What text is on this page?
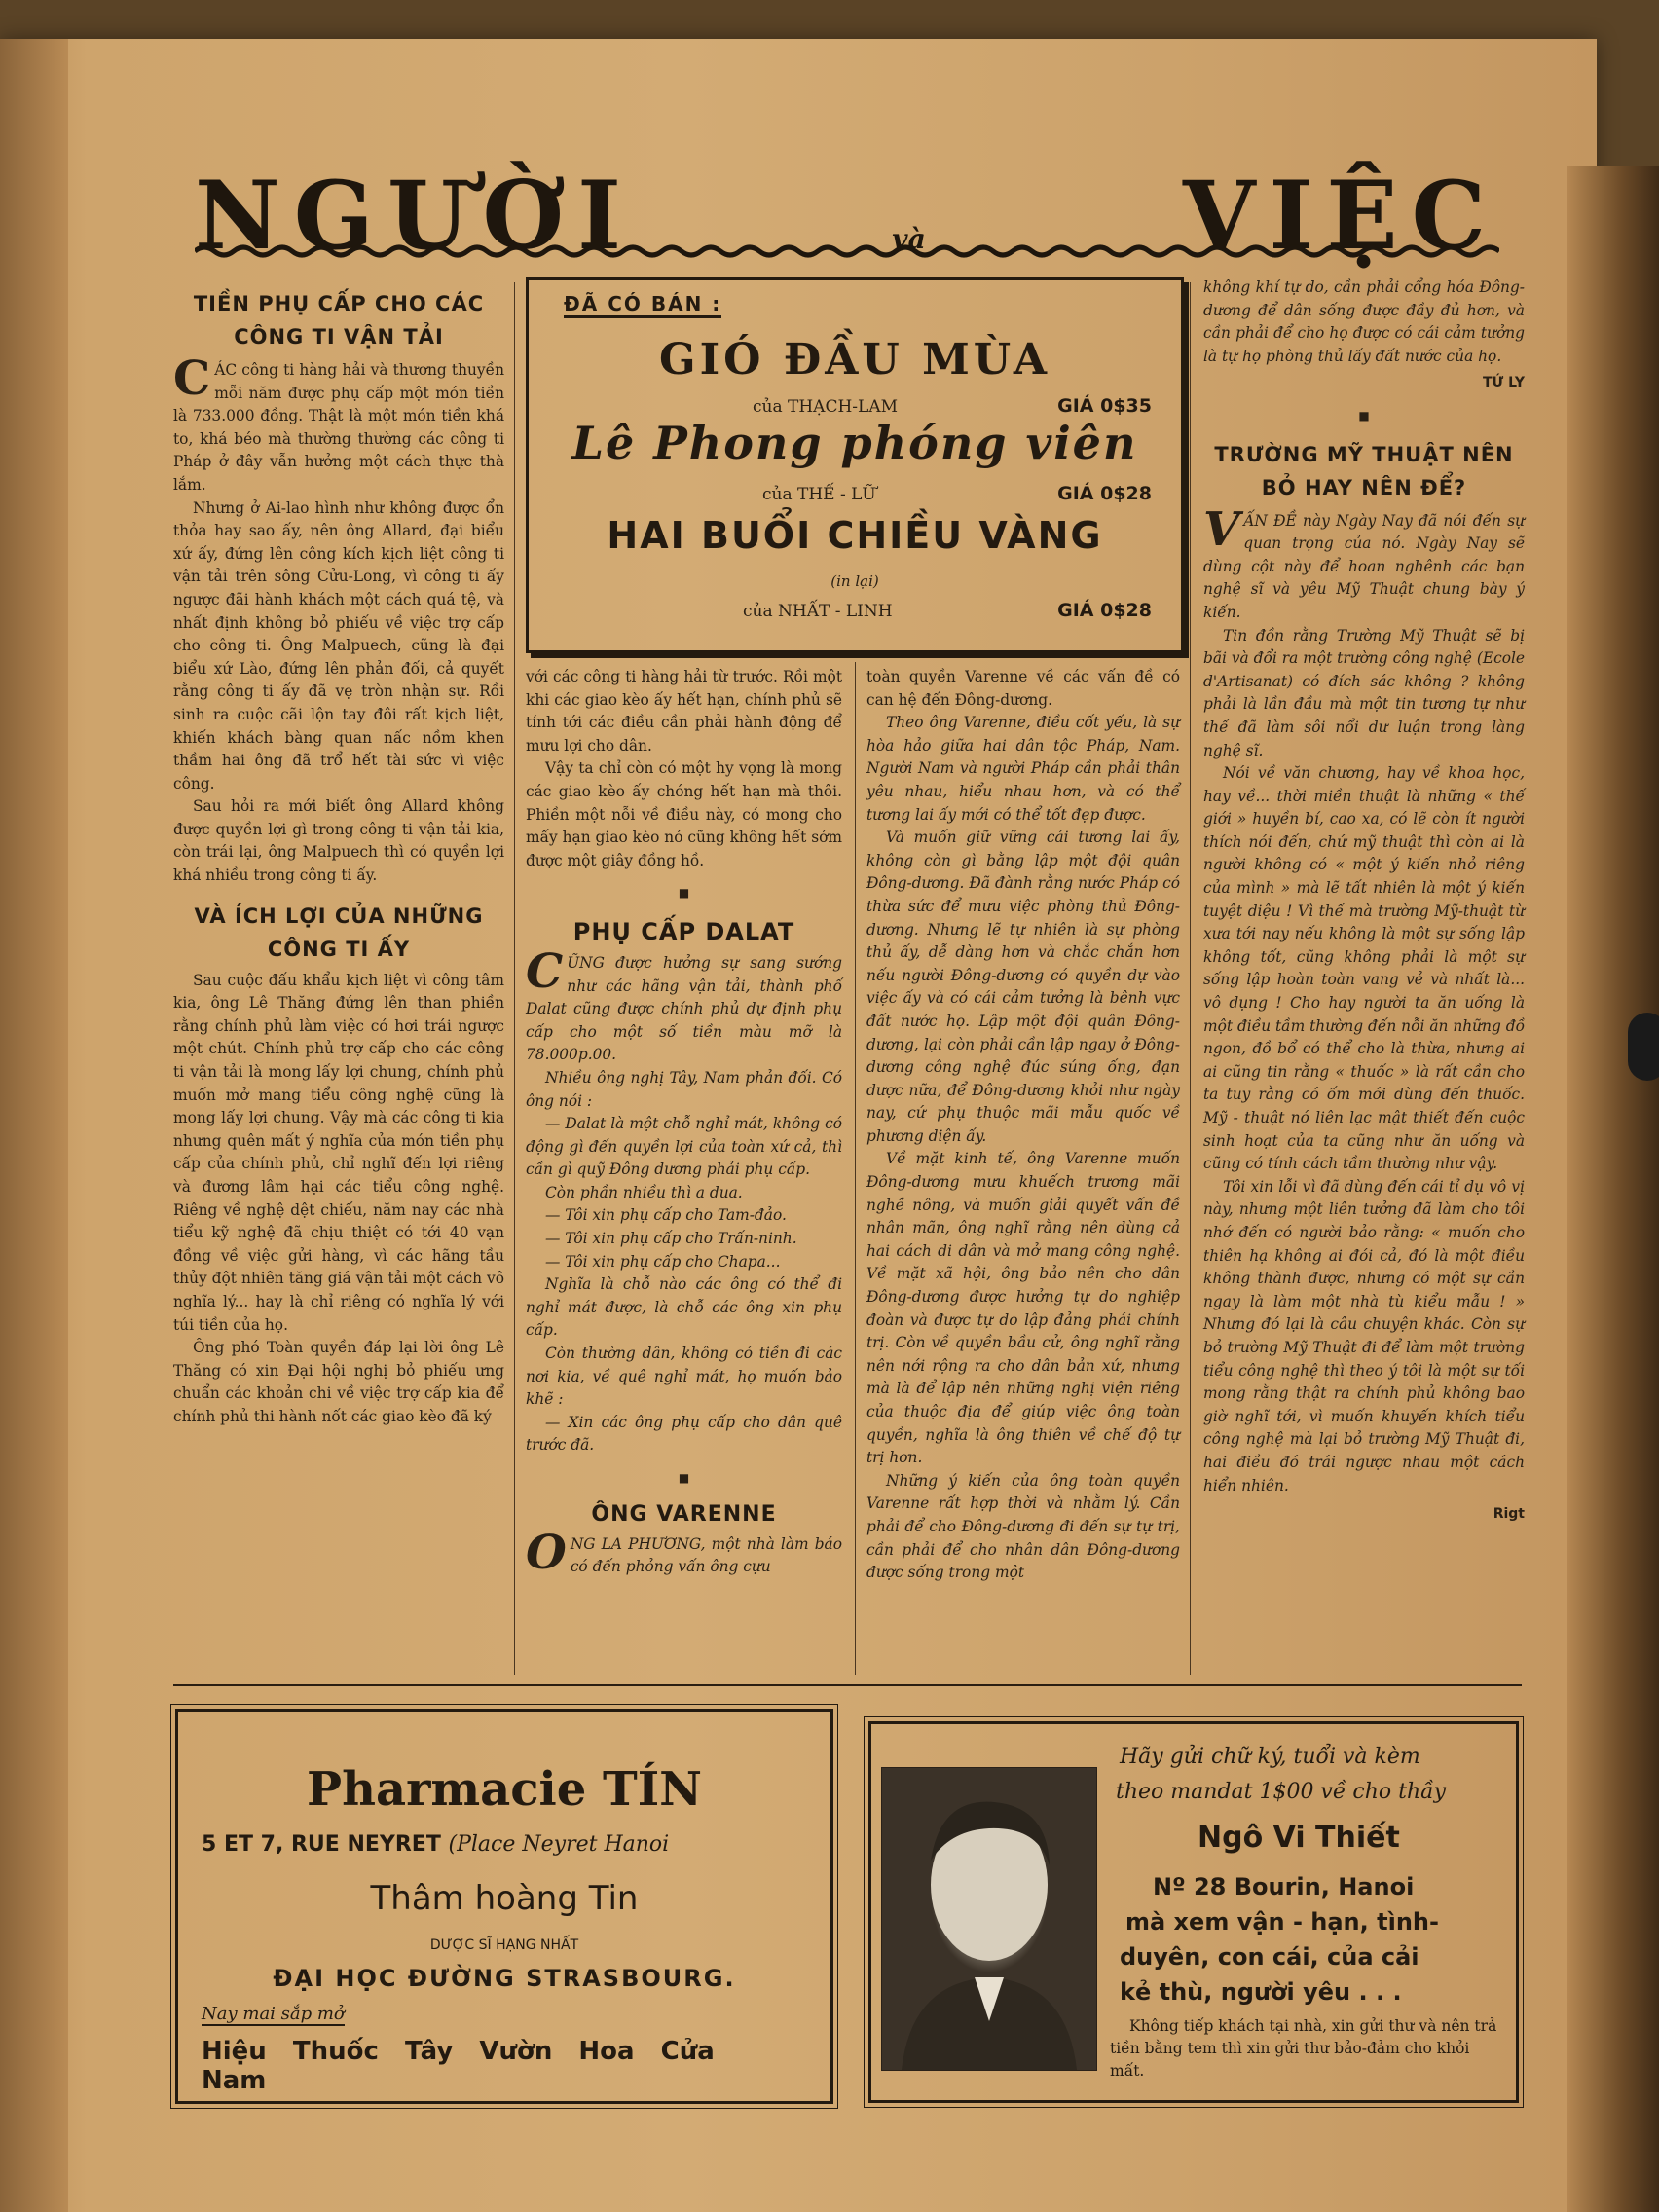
NGƯỜI	và	VIỆC
TIỀN PHỤ CẤP CHO CÁC CÔNG TI VẬN TẢI

CÁC công ti hàng hải và thương thuyền mỗi năm được phụ cấp một món tiền là 733.000 đồng. Thật là một món tiền khá to, khá béo mà thường thường các công ti Pháp ở đây vẫn hưởng một cách thực thà lắm.

Nhưng ở Ai-lao hình như không được ổn thỏa hay sao ấy, nên ông Allard, đại biểu xứ ấy, đứng lên công kích kịch liệt công ti vận tải trên sông Cửu-Long, vì công ti ấy ngược đãi hành khách một cách quá tệ, và nhất định không bỏ phiếu về việc trợ cấp cho công ti. Ông Malpuech, cũng là đại biểu xứ Lào, đứng lên phản đối, cả quyết rằng công ti ấy đã vẹ tròn nhận sự. Rồi sinh ra cuộc cãi lộn tay đôi rất kịch liệt, khiến khách bàng quan nấc nồm khen thầm hai ông đã trổ hết tài sức vì việc công.

Sau hỏi ra mới biết ông Allard không được quyền lợi gì trong công ti vận tải kia, còn trái lại, ông Malpuech thì có quyền lợi khá nhiều trong công ti ấy.

VÀ ÍCH LỢI CỦA NHỮNG CÔNG TI ẤY

Sau cuộc đấu khẩu kịch liệt vì công tâm kia, ông Lê Thăng đứng lên than phiền rằng chính phủ làm việc có hơi trái ngược một chút. Chính phủ trợ cấp cho các công ti vận tải là mong lấy lợi chung, chính phủ muốn mở mang tiểu công nghệ cũng là mong lấy lợi chung. Vậy mà các công ti kia nhưng quên mất ý nghĩa của món tiền phụ cấp của chính phủ, chỉ nghĩ đến lợi riêng và đương lâm hại các tiểu công nghệ. Riêng về nghệ dệt chiếu, năm nay các nhà tiểu kỹ nghệ đã chịu thiệt có tới 40 vạn đồng về việc gửi hàng, vì các hãng tầu thủy đột nhiên tăng giá vận tải một cách vô nghĩa lý... hay là chỉ riêng có nghĩa lý với túi tiền của họ.

Ông phó Toàn quyền đáp lại lời ông Lê Thăng có xin Đại hội nghị bỏ phiếu ưng chuẩn các khoản chi về việc trợ cấp kia để chính phủ thi hành nốt các giao kèo đã ký

ĐÃ CÓ BÁN :
GIÓ ĐẦU MÙA
của THẠCH-LAM	GIÁ 0$35
Lê Phong phóng viên
của THẾ - LỮ	GIÁ 0$28
HAI BUỔI CHIỀU VÀNG
(in lại)
của NHẤT - LINH	GIÁ 0$28

với các công ti hàng hải từ trước. Rồi một khi các giao kèo ấy hết hạn, chính phủ sẽ tính tới các điều cần phải hành động để mưu lợi cho dân.

Vậy ta chỉ còn có một hy vọng là mong các giao kèo ấy chóng hết hạn mà thôi. Phiền một nỗi về điều này, có mong cho mấy hạn giao kèo nó cũng không hết sớm được một giây đồng hồ.

■
PHỤ CẤP DALAT

CŨNG được hưởng sự sang sướng như các hãng vận tải, thành phố Dalat cũng được chính phủ dự định phụ cấp cho một số tiền màu mỡ là 78.000p.00.

Nhiều ông nghị Tây, Nam phản đối. Có ông nói :

— Dalat là một chỗ nghỉ mát, không có động gì đến quyền lợi của toàn xứ cả, thì cần gì quỹ Đông dương phải phụ cấp.

Còn phần nhiều thì a dua.

— Tôi xin phụ cấp cho Tam-đảo.

— Tôi xin phụ cấp cho Trấn-ninh.

— Tôi xin phụ cấp cho Chapa...

Nghĩa là chỗ nào các ông có thể đi nghỉ mát được, là chỗ các ông xin phụ cấp.

Còn thường dân, không có tiền đi các nơi kia, về quê nghỉ mát, họ muốn bảo khẽ :

— Xin các ông phụ cấp cho dân quê trước đã.

■
ÔNG VARENNE

ONG LA PHƯƠNG, một nhà làm báo có đến phỏng vấn ông cựu

toàn quyền Varenne về các vấn đề có can hệ đến Đông-dương.

Theo ông Varenne, điều cốt yếu, là sự hòa hảo giữa hai dân tộc Pháp, Nam. Người Nam và người Pháp cần phải thân yêu nhau, hiểu nhau hơn, và có thể tương lai ấy mới có thể tốt đẹp được.

Và muốn giữ vững cái tương lai ấy, không còn gì bằng lập một đội quân Đông-dương. Đã đành rằng nước Pháp có thừa sức để mưu việc phòng thủ Đông-dương. Nhưng lẽ tự nhiên là sự phòng thủ ấy, dễ dàng hơn và chắc chắn hơn nếu người Đông-dương có quyền dự vào việc ấy và có cái cảm tưởng là bênh vực đất nước họ. Lập một đội quân Đông-dương, lại còn phải cần lập ngay ở Đông-dương công nghệ đúc súng ống, đạn dược nữa, để Đông-dương khỏi như ngày nay, cứ phụ thuộc mãi mẫu quốc về phương diện ấy.

Về mặt kinh tế, ông Varenne muốn Đông-dương mưu khuếch trương mãi nghề nông, và muốn giải quyết vấn đề nhân mãn, ông nghĩ rằng nên dùng cả hai cách di dân và mở mang công nghệ. Về mặt xã hội, ông bảo nên cho dân Đông-dương được hưởng tự do nghiệp đoàn và được tự do lập đảng phái chính trị. Còn về quyền bầu cử, ông nghĩ rằng nên nới rộng ra cho dân bản xứ, nhưng mà là để lập nên những nghị viện riêng của thuộc địa để giúp việc ông toàn quyền, nghĩa là ông thiên về chế độ tự trị hơn.

Những ý kiến của ông toàn quyền Varenne rất hợp thời và nhằm lý. Cần phải để cho Đông-dương đi đến sự tự trị, cần phải để cho nhân dân Đông-dương được sống trong một

không khí tự do, cần phải cổng hóa Đông-dương để dân sống được đầy đủ hơn, và cần phải để cho họ được có cái cảm tưởng là tự họ phòng thủ lấy đất nước của họ.

TỨ LY
■
TRƯỜNG MỸ THUẬT NÊN BỎ HAY NÊN ĐỂ?

VẤN ĐỀ này Ngày Nay đã nói đến sự quan trọng của nó. Ngày Nay sẽ dùng cột này để hoan nghênh các bạn nghệ sĩ và yêu Mỹ Thuật chung bày ý kiến.

Tin đồn rằng Trường Mỹ Thuật sẽ bị bãi và đổi ra một trường công nghệ (Ecole d'Artisanat) có đích sác không ? không phải là lần đầu mà một tin tương tự như thế đã làm sôi nổi dư luận trong làng nghệ sĩ.

Nói về văn chương, hay về khoa học, hay về... thời miền thuật là những « thế giới » huyền bí, cao xa, có lẽ còn ít người thích nói đến, chứ mỹ thuật thì còn ai là người không có « một ý kiến nhỏ riêng của mình » mà lẽ tất nhiên là một ý kiến tuyệt diệu ! Vì thế mà trường Mỹ-thuật từ xưa tới nay nếu không là một sự sống lập không tốt, cũng không phải là một sự sống lập hoàn toàn vang vẻ và nhất là... vô dụng ! Cho hay người ta ăn uống là một điều tầm thường đến nỗi ăn những đồ ngon, đồ bổ có thể cho là thừa, nhưng ai ai cũng tin rằng « thuốc » là rất cần cho ta tuy rằng có ốm mới dùng đến thuốc. Mỹ - thuật nó liên lạc mật thiết đến cuộc sinh hoạt của ta cũng như ăn uống và cũng có tính cách tầm thường như vậy.

Tôi xin lỗi vì đã dùng đến cái tỉ dụ vô vị này, nhưng một liên tưởng đã làm cho tôi nhớ đến có người bảo rằng: « muốn cho thiên hạ không ai đói cả, đó là một điều không thành được, nhưng có một sự cần ngay là làm một nhà tù kiểu mẫu ! » Nhưng đó lại là câu chuyện khác. Còn sự bỏ trường Mỹ Thuật đi để làm một trường tiểu công nghệ thì theo ý tôi là một sự tối mong rằng thật ra chính phủ không bao giờ nghĩ tới, vì muốn khuyến khích tiểu công nghệ mà lại bỏ trường Mỹ Thuật đi, hai điều đó trái ngược nhau một cách hiển nhiên.

Rigt
Pharmacie TÍN
5 ET 7, RUE NEYRET (Place Neyret Hanoi
Thâm hoàng Tin
DƯỢC SĨ HẠNG NHẤT
ĐẠI HỌC ĐƯỜNG STRASBOURG.
Nay mai sắp mở
Hiệu Thuốc Tây Vườn Hoa Cửa Nam
Hãy gửi chữ ký, tuổi và kèm
theo mandat 1$00 về cho thầy
Ngô Vi Thiết
Nº 28 Bourin, Hanoi
mà xem vận - hạn, tình-
duyên, con cái, của cải
kẻ thù, người yêu . . .
Không tiếp khách tại nhà, xin gửi thư và nên trả tiền bằng tem thì xin gửi thư bảo-đảm cho khỏi mất.
